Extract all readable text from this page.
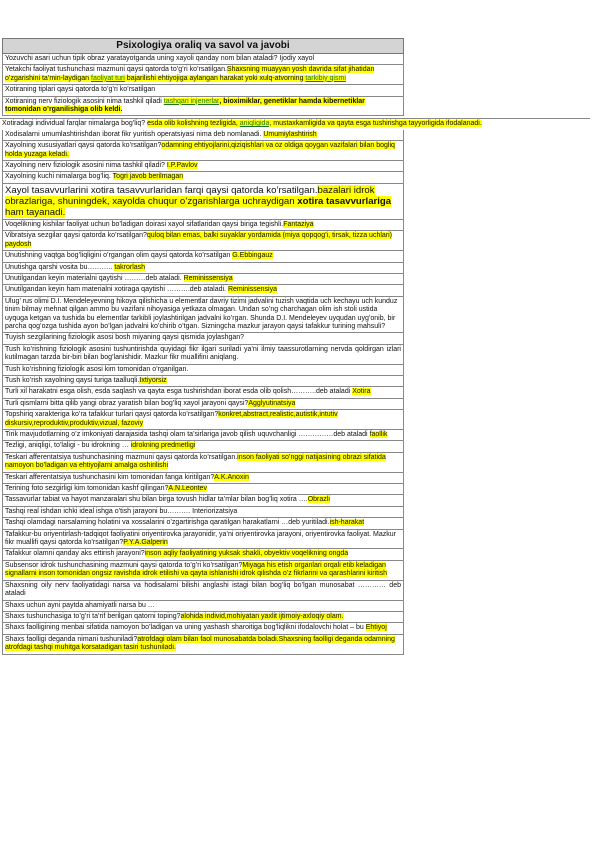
Psixologiya oraliq va savol va javobi
Yozuvchi asari uchun tipik obraz yaratayotganda uning xayoli qanday nom bilan ataladi? Ijodiy xayol
Yetakchi faoliyat tushunchasi mazmuni qaysi qatorda to’g’ri ko’rsatilgan.Shaxsning muayyan yosh davrida sifat jihatidan o’zgarishini ta’min-laydigan faoliyat turi bajarilishi ehtiyojiga aylangan harakat yoki xulq-atvorning tarkibiy qismi
Xotiraning tiplari qaysi qatorda to’g’ri ko’rsatilgan
Xotiraning nerv fiziologik asosini nima tashkil qiladi tashqari injenerlar, bioximiklar, genetiklar hamda kibernetiklar tomonidan o’rganilishiga olib keldi.
Xotiradagi individual farqlar nimalarga bog’liq? esda olib kolishning tezligida, aniqligida, mustaxkamligida va qayta esga tushirishga tayyorligida ifodalanadi.
Xodisalarni umumlashtirishdan iborat fikr yuritish operatsiyasi nima deb nomlanadi. Umumiylashtirish
Xayolning xususiyatlari qaysi qatorda ko’rsatilgan?odamning ehtiyojlarini,qiziqishlari va oz oldiga qoygan vazifalari bilan bogliq holda yuzaga keladi.
Xayolning nerv fiziologik asosini nima tashkil qiladi? I.P.Pavlov
Xayolning kuchi nimalarga bog’liq. Togri javob berilmagan
Xayol tasavvurlarini xotira tasavvurlaridan farqi qaysi qatorda ko’rsatilgan.bazalari idrok obrazlariga, shuningdek, xayolda chuqur o’zgarishlarga uchraydigan xotira tasavvurlariga ham tayanadi.
Voqelikning kishilar faoliyat uchun bo’ladigan doirasi xayol sifatlaridan qaysi biriga tegishli.Fantaziya
Vibratsiya sezgilar qaysi qatorda ko’rsatilgan?quloq bilan emas, balki suyaklar yordamida (miya qopqog’i, tirsak, tizza uchlari) paydosh
Unutishning vaqtga bog’liqligini o’rgangan olim qaysi qatorda ko’rsatilgan G.Ebbingauz
Unutishga qarshi vosita bu……….. takrorlash
Unutilgandan keyin materialni qaytishi ………deb ataladi. Reminissensiya
Unutilgandan keyin ham materialni xotiraga qaytishi ……….deb ataladi. Reminissensiya
Ulug’ rus olimi D.I. Mendeleyevning hikoya qilishicha u elementlar davriy tizimi jadvalini tuzish vaqtida uch kechayu uch kunduz tinim bilmay mehnat qilgan ammo bu vazifani nihoyasiga yetkaza olmagan. Undan so’ng charchagan olim ish stoli ustida uyquga ketgan va tushida bu elementlar tarkibli joylashtirilgan jadvalni ko’rgan. Shunda D.I. Mendeleyev uyqudan uyg’onib, bir parcha qog’ozga tushida ayon bo’lgan jadvalni ko’chirib o’tgan. Sizningcha mazkur jarayon qaysi tafakkur turining mahsuli?
Tuyish sezgilarining fiziologik asosi bosh miyaning qaysi qismida joylashgan?
Tush ko’rishning fiziologik asosini tushuntirishda quyidagi fikr ilgari suriladi ya’ni ilmiy taassurotlarning nervda qoldirgan izlari kutilmagan tarzda bir-biri bilan bog’lanishidir. Mazkur fikr muallifini aniqlang.
Tush ko’rishning fiziologik asosi kim tomonidan o’rganilgan.
Tush ko’rish xayolning qaysi turiga taalluqli.Ixtiyorsiz
Turli xil harakatni esga olish, esda saqlash va qayta esga tushirishdan iborat esda olib qolish………..deb ataladi Xotira
Turli qismlarni bitta qilib yangi obraz yaratish bilan bog’liq xayol jarayoni qaysi?Agglyutinatsiya
Topshiriq xarakteriga ko’ra tafakkur turlari qaysi qatorda ko’rsatilgan?konkret,abstract,realistic,autistik,intutiv diskursiv,reproduktiv,produktiv,vizual, fazoviy
Tirik mavjudotlarning o’z imkoniyati darajasida tashqi olam ta’sirlariga javob qilish uquvchanligi ……………deb ataladi faollik
Tezligi, aniqligi, to’laligi - bu idrokning … idrokning predmetligi
Teskari afferentatsiya tushunchasining mazmuni qaysi qatorda ko’rsatilgan.inson faoliyati so’nggi natijasining obrazi sifatida namoyon bo’ladigan va ehtiyojlarni amalga oshirilishi
Teskari afferentatsiya tushunchasini kim tomonidan fanga kiritilgan?A.K.Anoxin
Terining foto sezgirligi kim tomonidan kashf qilingan?A.N.Leontev
Tassavurlar tabiat va hayot manzaralari shu bilan birga tovush hidlar ta’mlar bilan bog’liq xotira ….Obrazli
Tashqi real ishdan ichki ideal ishga o’tish jarayoni bu………. Interiorizatsiya
Tashqi olamdagi narsalarning holatini va xossalarini o’zgartirishga qaratilgan harakatlarni …deb yuritiladi.ish-harakat
Tafakkur-bu oriyentirlash-tadqiqot faoliyatini oriyentirovka jarayonidir, ya’ni oriyentirovka jarayoni, oriyentirovka faoliyat. Mazkur fikr muallifi qaysi qatorda ko’rsatilgan?P.Y.A.Galperin
Tafakkur olamni qanday aks ettirish jarayoni?inson aqliy faoliyatining yuksak shakli, obyektiv voqelikning ongda
Subsensor idrok tushunchasining mazmuni qaysi qatorda to’g’ri ko’rsatilgan?Miyaga his etish organlari orqali etib keladigan signallarni inson tomonidan ongsiz ravishda idrok etilishi va qayta ishlanishi idrok qilishda o’z fikrlarini va qarashlarini kiritish
Shaxsning oily nerv faoliyatidagi narsa va hodisalarni bilishi anglashi istagi bilan bog’liq bo’lgan munosabat ………… deb ataladi
Shaxs uchun ayni paytda ahamiyatli narsa bu …
Shaxs tushunchasiga to’g’ri ta’rif berilgan qatorni toping?alohida individ,mohiyatan yaxlit ijtimoiy-axloqiy olam.
Shaxs faolligining menbai sifatida namoyon bo’ladigan va uning yashash sharoitiga bog’liqlikni ifodalovchi holat – bu Ehtiyoj
Shaxs faolligi deganda nimani tushuniladi?atrofdagi olam bilan faol munosabatda boladi.Shaxsning faolligi deganda odamning atrofdagi tashqi muhitga korsatadigan tasiri tushuniladi.
